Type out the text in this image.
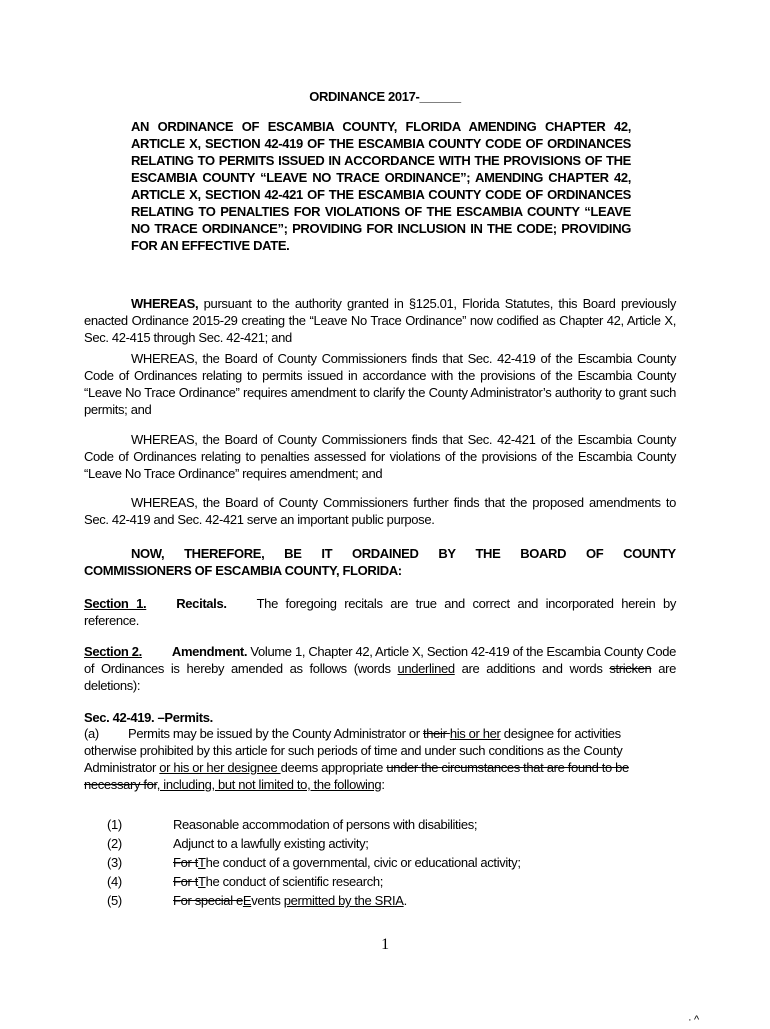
ORDINANCE 2017-______
AN ORDINANCE OF ESCAMBIA COUNTY, FLORIDA AMENDING CHAPTER 42, ARTICLE X, SECTION 42-419 OF THE ESCAMBIA COUNTY CODE OF ORDINANCES RELATING TO PERMITS ISSUED IN ACCORDANCE WITH THE PROVISIONS OF THE ESCAMBIA COUNTY “LEAVE NO TRACE ORDINANCE”; AMENDING CHAPTER 42, ARTICLE X, SECTION 42-421 OF THE ESCAMBIA COUNTY CODE OF ORDINANCES RELATING TO PENALTIES FOR VIOLATIONS OF THE ESCAMBIA COUNTY “LEAVE NO TRACE ORDINANCE”; PROVIDING FOR INCLUSION IN THE CODE; PROVIDING FOR AN EFFECTIVE DATE.
WHEREAS, pursuant to the authority granted in §125.01, Florida Statutes, this Board previously enacted Ordinance 2015-29 creating the “Leave No Trace Ordinance” now codified as Chapter 42, Article X, Sec. 42-415 through Sec. 42-421; and
WHEREAS, the Board of County Commissioners finds that Sec. 42-419 of the Escambia County Code of Ordinances relating to permits issued in accordance with the provisions of the Escambia County “Leave No Trace Ordinance” requires amendment to clarify the County Administrator’s authority to grant such permits; and
WHEREAS, the Board of County Commissioners finds that Sec. 42-421 of the Escambia County Code of Ordinances relating to penalties assessed for violations of the provisions of the Escambia County “Leave No Trace Ordinance” requires amendment; and
WHEREAS, the Board of County Commissioners further finds that the proposed amendments to Sec. 42-419 and Sec. 42-421 serve an important public purpose.
NOW, THEREFORE, BE IT ORDAINED BY THE BOARD OF COUNTY
COMMISSIONERS OF ESCAMBIA COUNTY, FLORIDA:
Section 1. Recitals. The foregoing recitals are true and correct and incorporated herein by reference.
Section 2. Amendment. Volume 1, Chapter 42, Article X, Section 42-419 of the Escambia County Code of Ordinances is hereby amended as follows (words underlined are additions and words stricken are deletions):
Sec. 42-419. –Permits.
(a) Permits may be issued by the County Administrator or their his or her designee for activities otherwise prohibited by this article for such periods of time and under such conditions as the County Administrator or his or her designee deems appropriate under the circumstances that are found to be necessary for, including, but not limited to, the following:
(1)	Reasonable accommodation of persons with disabilities;
(2)	Adjunct to a lawfully existing activity;
(3)	For tThe conduct of a governmental, civic or educational activity;
(4)	For tThe conduct of scientific research;
(5)	For special eEvents permitted by the SRIA.
1
· ^
